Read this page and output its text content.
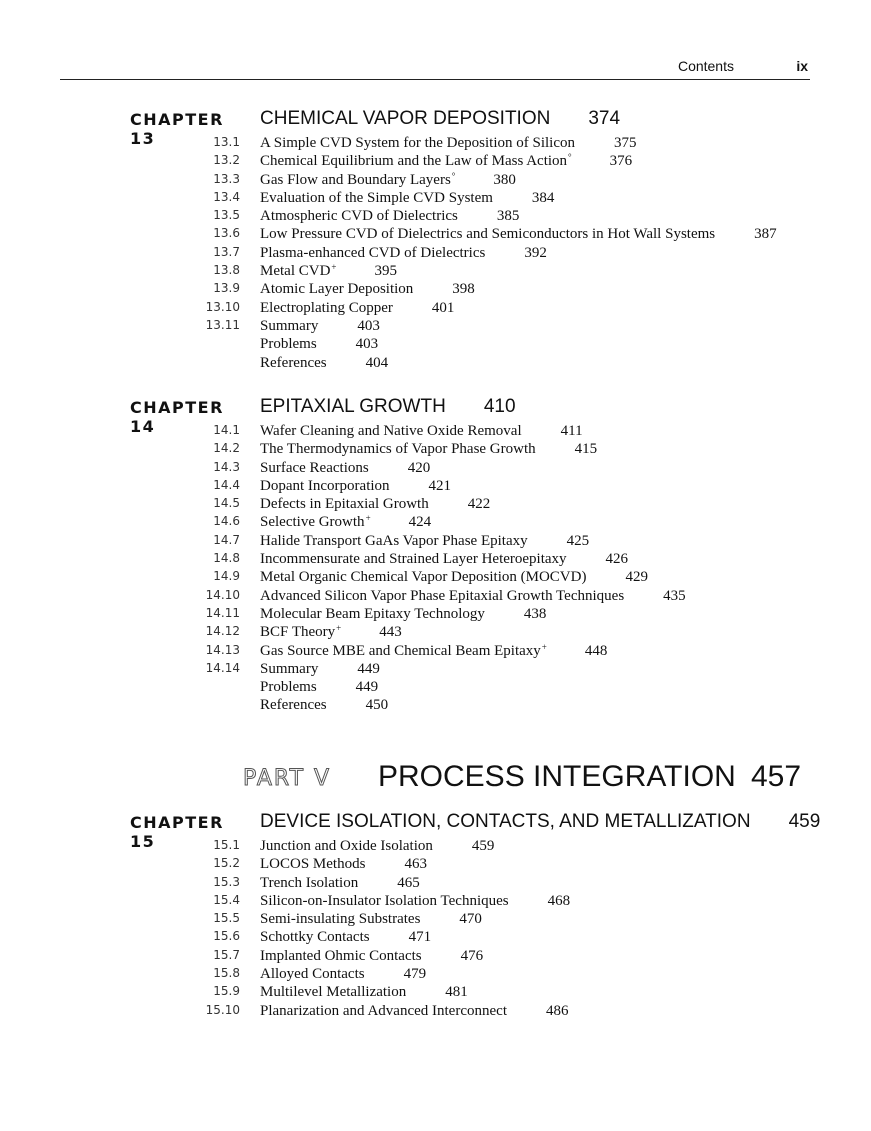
Contents	ix
CHAPTER 13
CHEMICAL VAPOR DEPOSITION 374
13.1 A Simple CVD System for the Deposition of Silicon	375
13.2 Chemical Equilibrium and the Law of Mass Action°	376
13.3 Gas Flow and Boundary Layers°	380
13.4 Evaluation of the Simple CVD System	384
13.5 Atmospheric CVD of Dielectrics	385
13.6 Low Pressure CVD of Dielectrics and Semiconductors in Hot Wall Systems	387
13.7 Plasma-enhanced CVD of Dielectrics	392
13.8 Metal CVD+	395
13.9 Atomic Layer Deposition	398
13.10 Electroplating Copper	401
13.11 Summary	403
Problems	403
References	404
CHAPTER 14
EPITAXIAL GROWTH 410
14.1 Wafer Cleaning and Native Oxide Removal	411
14.2 The Thermodynamics of Vapor Phase Growth	415
14.3 Surface Reactions	420
14.4 Dopant Incorporation	421
14.5 Defects in Epitaxial Growth	422
14.6 Selective Growth+	424
14.7 Halide Transport GaAs Vapor Phase Epitaxy	425
14.8 Incommensurate and Strained Layer Heteroepitaxy	426
14.9 Metal Organic Chemical Vapor Deposition (MOCVD)	429
14.10 Advanced Silicon Vapor Phase Epitaxial Growth Techniques	435
14.11 Molecular Beam Epitaxy Technology	438
14.12 BCF Theory+	443
14.13 Gas Source MBE and Chemical Beam Epitaxy+	448
14.14 Summary	449
Problems	449
References	450
PART V PROCESS INTEGRATION 457
CHAPTER 15
DEVICE ISOLATION, CONTACTS, AND METALLIZATION 459
15.1 Junction and Oxide Isolation	459
15.2 LOCOS Methods	463
15.3 Trench Isolation	465
15.4 Silicon-on-Insulator Isolation Techniques	468
15.5 Semi-insulating Substrates	470
15.6 Schottky Contacts	471
15.7 Implanted Ohmic Contacts	476
15.8 Alloyed Contacts	479
15.9 Multilevel Metallization	481
15.10 Planarization and Advanced Interconnect	486
